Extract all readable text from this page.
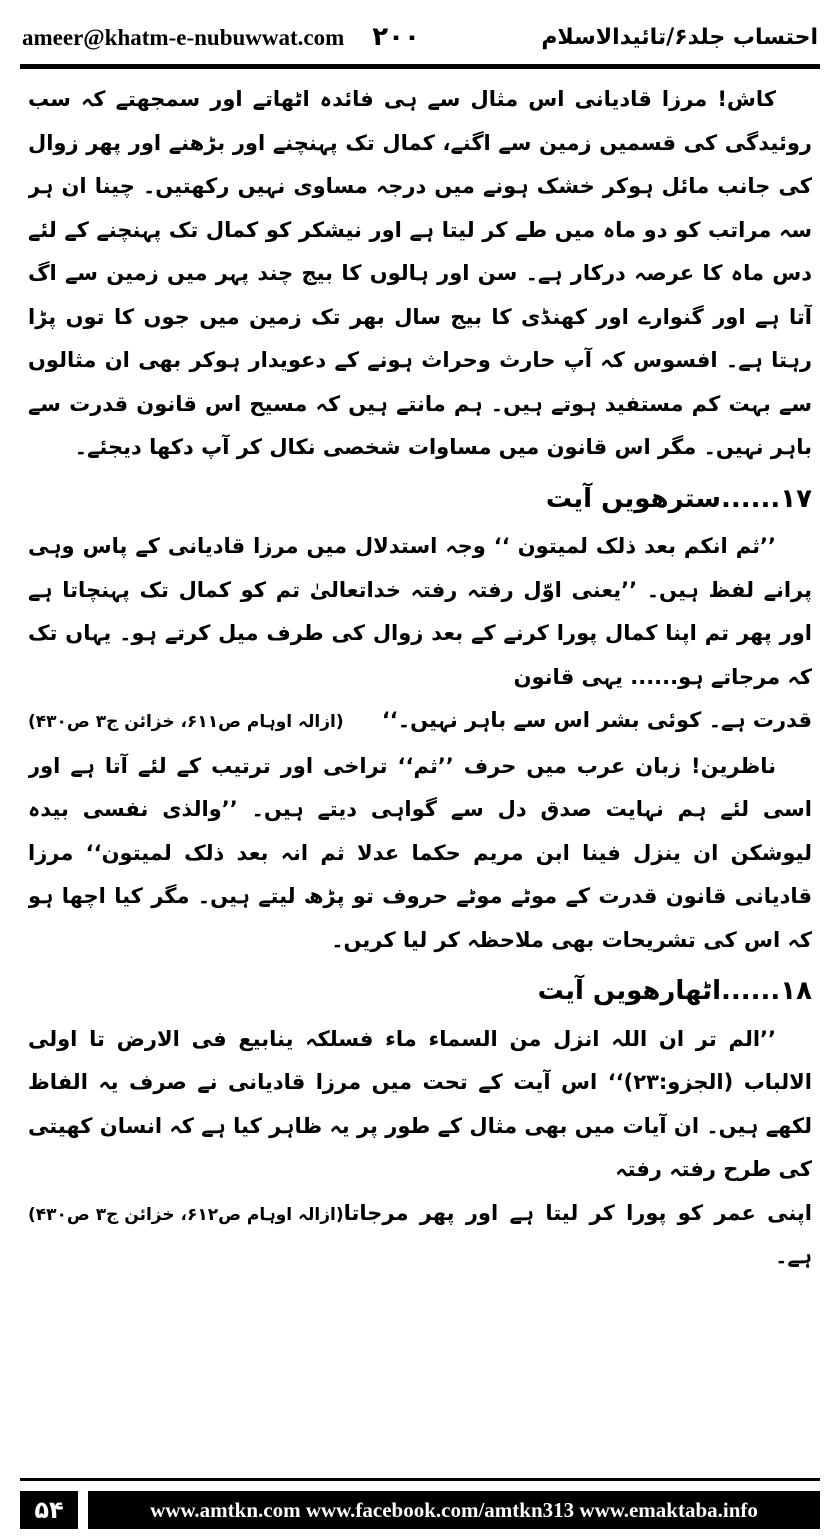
ameer@khatm-e-nubuwwat.com ۲۰۰	احتساب جلد۶/تائیدالاسلام

کاش! مرزا قادیانی اس مثال سے ہی فائدہ اٹھاتے اور سمجھتے کہ سب روئیدگی کی قسمیں زمین سے اگنے، کمال تک پہنچنے اور بڑھنے اور پھر زوال کی جانب مائل ہوکر خشک ہونے میں درجہ مساوی نہیں رکھتیں۔ چینا ان ہر سہ مراتب کو دو ماہ میں طے کر لیتا ہے اور نیشکر کو کمال تک پہنچنے کے لئے دس ماہ کا عرصہ درکار ہے۔ سن اور ہالوں کا بیج چند پہر میں زمین سے اگ آتا ہے اور گنوارے اور کھنڈی کا بیج سال بھر تک زمین میں جوں کا توں پڑا رہتا ہے۔ افسوس کہ آپ حارث وحراث ہونے کے دعویدار ہوکر بھی ان مثالوں سے بہت کم مستفید ہوتے ہیں۔ ہم مانتے ہیں کہ مسیح اس قانون قدرت سے باہر نہیں۔ مگر اس قانون میں مساوات شخصی نکال کر آپ دکھا دیجئے۔

۱۷......سترھویں آیت

’’ثم انکم بعد ذلک لمیتون ‘‘ وجہ استدلال میں مرزا قادیانی کے پاس وہی پرانے لفظ ہیں۔ ’’یعنی اوّل رفتہ رفتہ خداتعالیٰ تم کو کمال تک پہنچاتا ہے اور پھر تم اپنا کمال پورا کرنے کے بعد زوال کی طرف میل کرتے ہو۔ یہاں تک کہ مرجاتے ہو...... یہی قانون

قدرت ہے۔ کوئی بشر اس سے باہر نہیں۔‘‘
(ازالہ اوہام ص۶۱۱، خزائن ج۳ ص۴۳۰)

ناظرین! زبان عرب میں حرف ’’ثم‘‘ تراخی اور ترتیب کے لئے آتا ہے اور اسی لئے ہم نہایت صدق دل سے گواہی دیتے ہیں۔ ’’والذی نفسی بیدہ لیوشکن ان ینزل فینا ابن مریم حکما عدلا ثم انہ بعد ذلک لمیتون‘‘ مرزا قادیانی قانون قدرت کے موٹے موٹے حروف تو پڑھ لیتے ہیں۔ مگر کیا اچھا ہو کہ اس کی تشریحات بھی ملاحظہ کر لیا کریں۔

۱۸......اٹھارھویں آیت

’’الم تر ان اللہ انزل من السماء ماء فسلکہ ینابیع فی الارض تا اولی الالباب (الجزو:۲۳)‘‘ اس آیت کے تحت میں مرزا قادیانی نے صرف یہ الفاظ لکھے ہیں۔ ان آیات میں بھی مثال کے طور پر یہ ظاہر کیا ہے کہ انسان کھیتی کی طرح رفتہ رفتہ

اپنی عمر کو پورا کر لیتا ہے اور پھر مرجاتا ہے۔
(ازالہ اوہام ص۶۱۲، خزائن ج۳ ص۴۳۰)
۵۴	www.amtkn.com www.facebook.com/amtkn313 www.emaktaba.info
